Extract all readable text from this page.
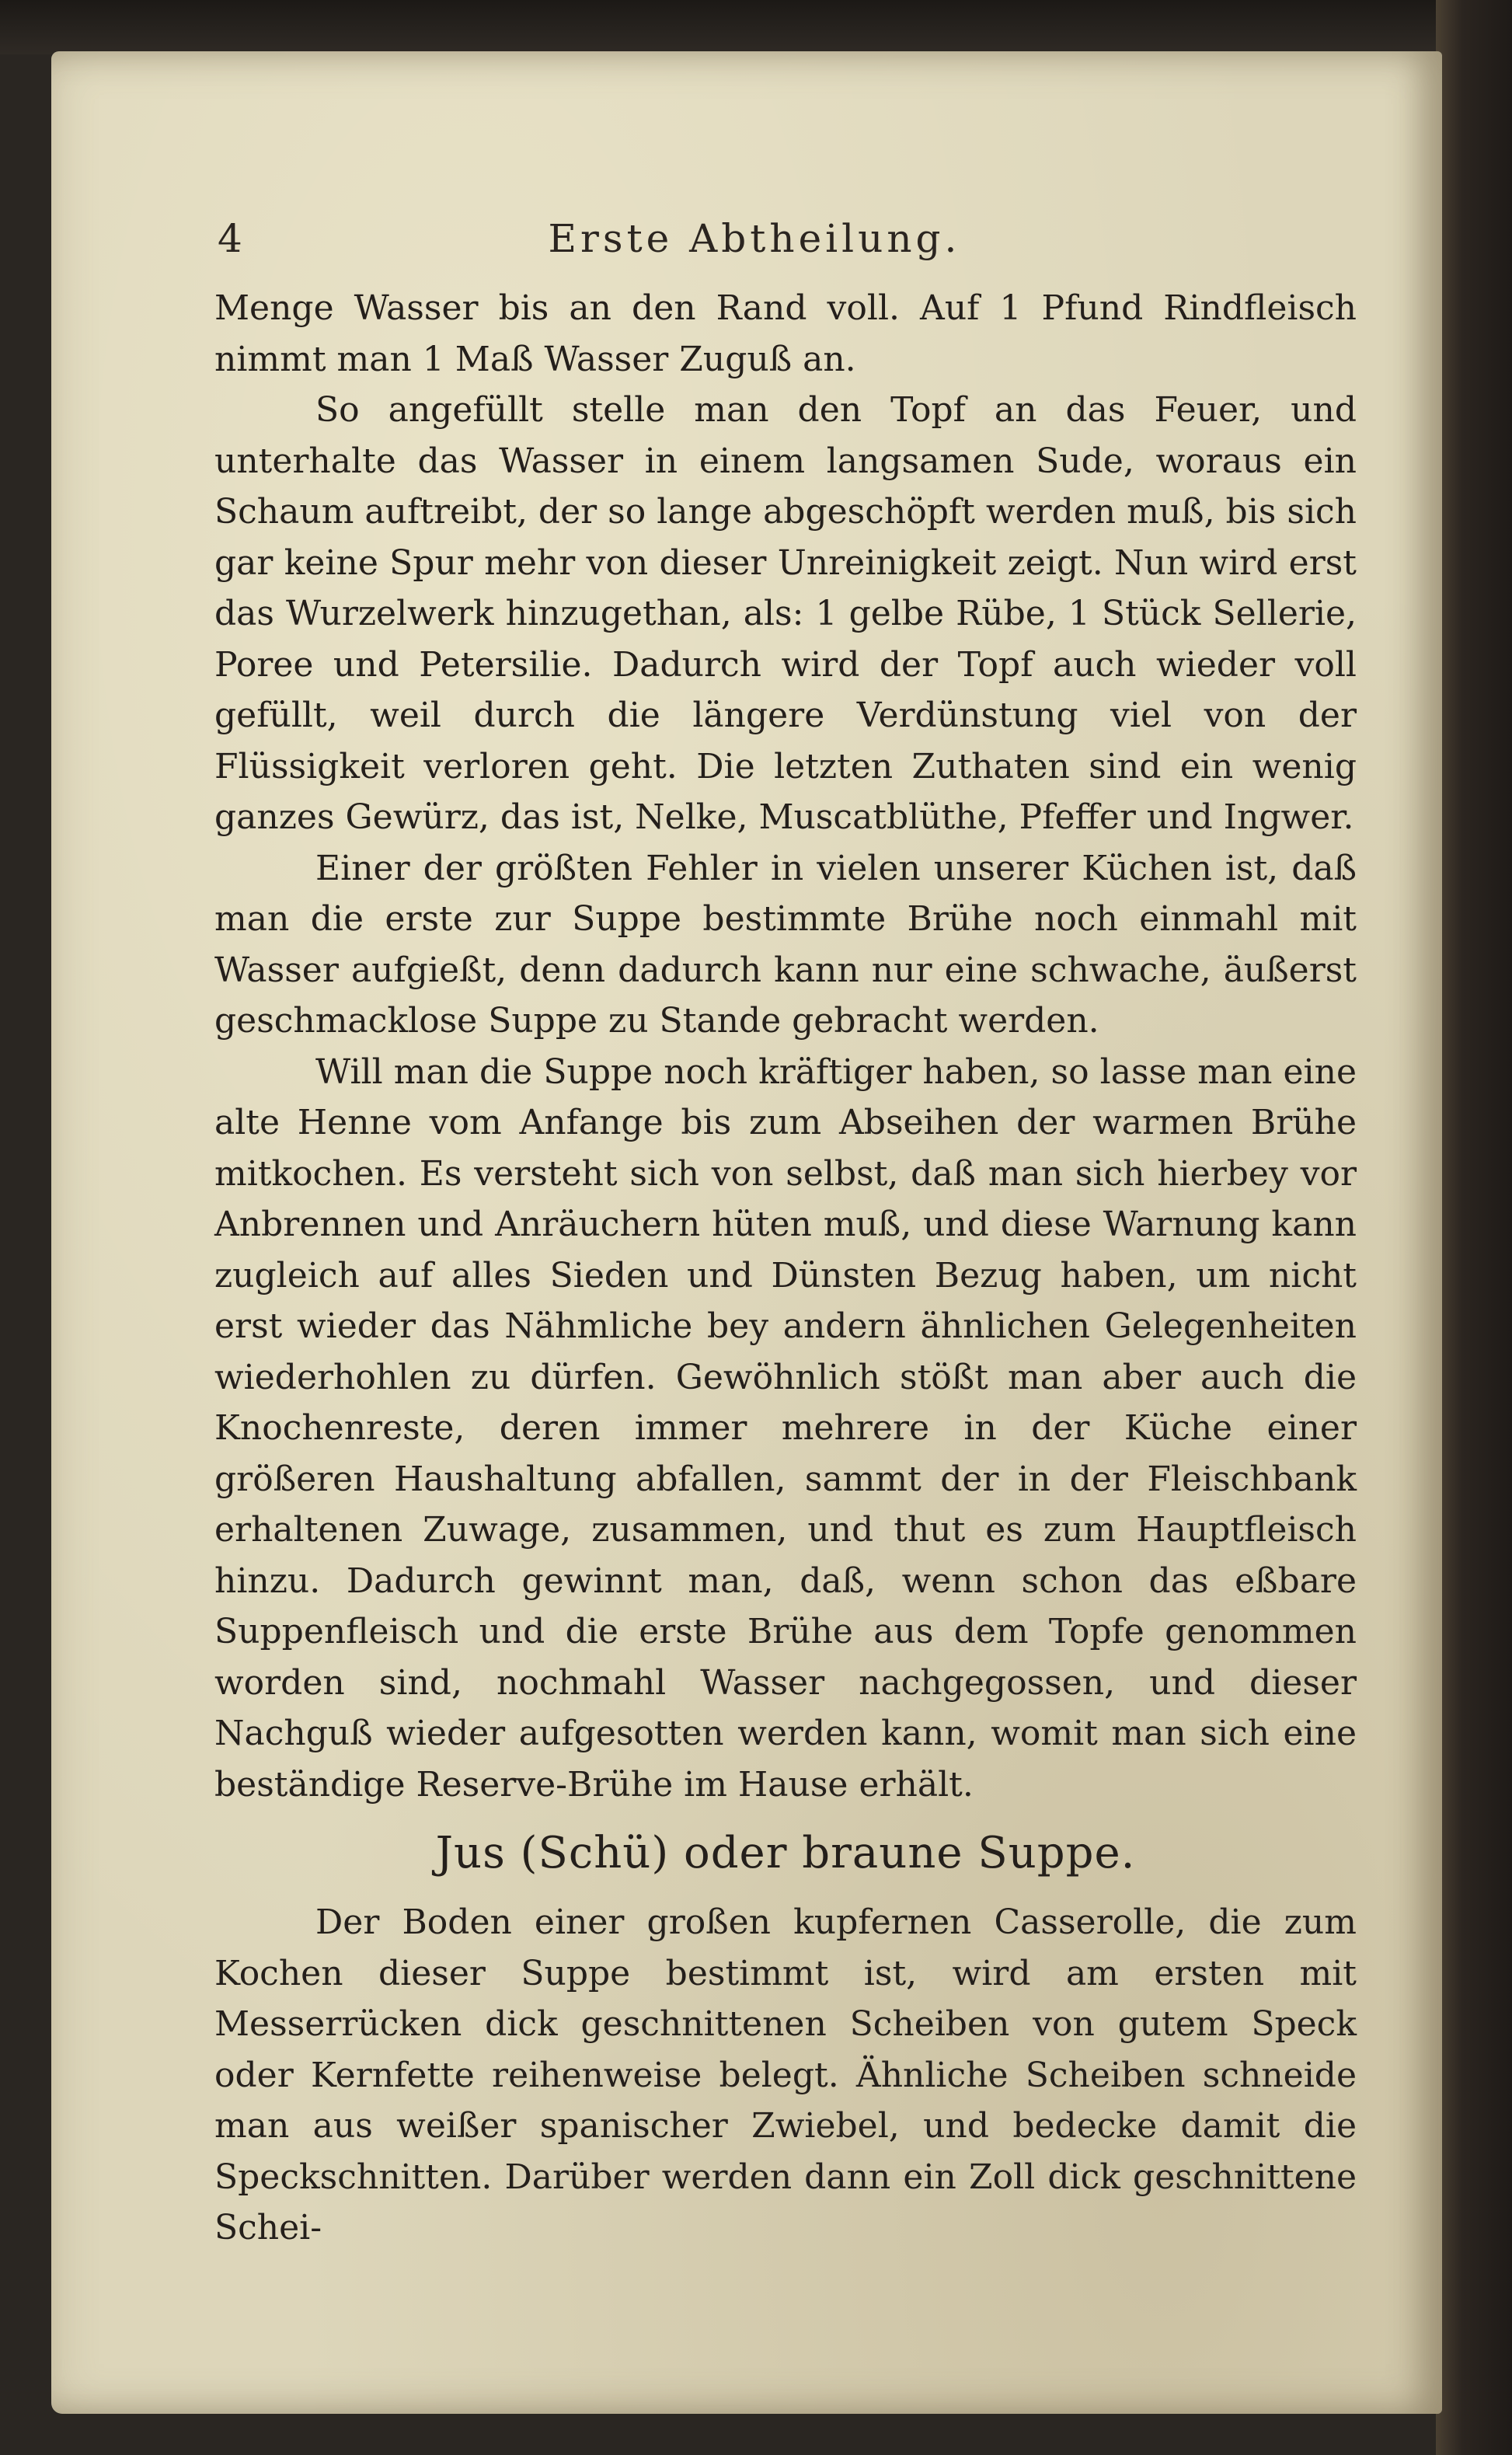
4	Erste Abtheilung.

Menge Wasser bis an den Rand voll. Auf 1 Pfund Rindfleisch nimmt man 1 Maß Wasser Zuguß an.

So angefüllt stelle man den Topf an das Feuer, und unterhalte das Wasser in einem langsamen Sude, woraus ein Schaum auftreibt, der so lange abgeschöpft werden muß, bis sich gar keine Spur mehr von dieser Unreinigkeit zeigt. Nun wird erst das Wurzelwerk hinzugethan, als: 1 gelbe Rübe, 1 Stück Sellerie, Poree und Petersilie. Dadurch wird der Topf auch wieder voll gefüllt, weil durch die längere Verdünstung viel von der Flüssigkeit verloren geht. Die letzten Zuthaten sind ein wenig ganzes Gewürz, das ist, Nelke, Muscatblüthe, Pfeffer und Ingwer.

Einer der größten Fehler in vielen unserer Küchen ist, daß man die erste zur Suppe bestimmte Brühe noch einmahl mit Wasser aufgießt, denn dadurch kann nur eine schwache, äußerst geschmacklose Suppe zu Stande gebracht werden.

Will man die Suppe noch kräftiger haben, so lasse man eine alte Henne vom Anfange bis zum Abseihen der warmen Brühe mitkochen. Es versteht sich von selbst, daß man sich hierbey vor Anbrennen und Anräuchern hüten muß, und diese Warnung kann zugleich auf alles Sieden und Dünsten Bezug haben, um nicht erst wieder das Nähmliche bey andern ähnlichen Gelegenheiten wiederhohlen zu dürfen. Gewöhnlich stößt man aber auch die Knochenreste, deren immer mehrere in der Küche einer größeren Haushaltung abfallen, sammt der in der Fleischbank erhaltenen Zuwage, zusammen, und thut es zum Hauptfleisch hinzu. Dadurch gewinnt man, daß, wenn schon das eßbare Suppenfleisch und die erste Brühe aus dem Topfe genommen worden sind, nochmahl Wasser nachgegossen, und dieser Nachguß wieder aufgesotten werden kann, womit man sich eine beständige Reserve-Brühe im Hause erhält.

Jus (Schü) oder braune Suppe.

Der Boden einer großen kupfernen Casserolle, die zum Kochen dieser Suppe bestimmt ist, wird am ersten mit Messerrücken dick geschnittenen Scheiben von gutem Speck oder Kernfette reihenweise belegt. Ähnliche Scheiben schneide man aus weißer spanischer Zwiebel, und bedecke damit die Speckschnitten. Darüber werden dann ein Zoll dick geschnittene Schei-
